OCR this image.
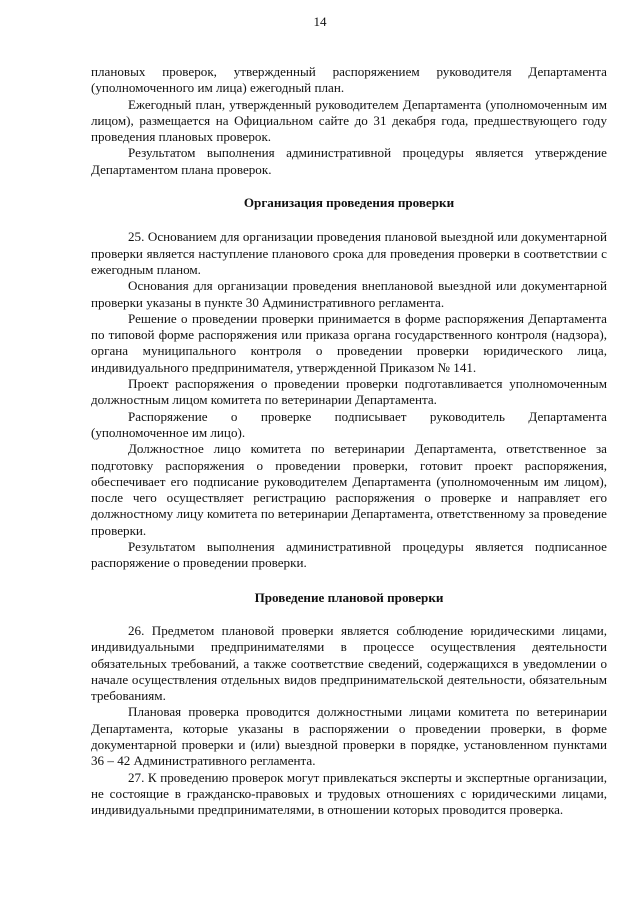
14

плановых проверок, утвержденный распоряжением руководителя Департамента (уполномоченного им лица) ежегодный план.

Ежегодный план, утвержденный руководителем Департамента (уполномоченным им лицом), размещается на Официальном сайте до 31 декабря года, предшествующего году проведения плановых проверок.

Результатом выполнения административной процедуры является утверждение Департаментом плана проверок.

Организация проведения проверки

25. Основанием для организации проведения плановой выездной или документарной проверки является наступление планового срока для проведения проверки в соответствии с ежегодным планом.

Основания для организации проведения внеплановой выездной или документарной проверки указаны в пункте 30 Административного регламента.

Решение о проведении проверки принимается в форме распоряжения Департамента по типовой форме распоряжения или приказа органа государственного контроля (надзора), органа муниципального контроля о проведении проверки юридического лица, индивидуального предпринимателя, утвержденной Приказом № 141.

Проект распоряжения о проведении проверки подготавливается уполномоченным должностным лицом комитета по ветеринарии Департамента.

Распоряжение о проверке подписывает руководитель Департамента (уполномоченное им лицо).

Должностное лицо комитета по ветеринарии Департамента, ответственное за подготовку распоряжения о проведении проверки, готовит проект распоряжения, обеспечивает его подписание руководителем Департамента (уполномоченным им лицом), после чего осуществляет регистрацию распоряжения о проверке и направляет его должностному лицу комитета по ветеринарии Департамента, ответственному за проведение проверки.

Результатом выполнения административной процедуры является подписанное распоряжение о проведении проверки.

Проведение плановой проверки

26. Предметом плановой проверки является соблюдение юридическими лицами, индивидуальными предпринимателями в процессе осуществления деятельности обязательных требований, а также соответствие сведений, содержащихся в уведомлении о начале осуществления отдельных видов предпринимательской деятельности, обязательным требованиям.

Плановая проверка проводится должностными лицами комитета по ветеринарии Департамента, которые указаны в распоряжении о проведении проверки, в форме документарной проверки и (или) выездной проверки в порядке, установленном пунктами 36 – 42 Административного регламента.

27. К проведению проверок могут привлекаться эксперты и экспертные организации, не состоящие в гражданско-правовых и трудовых отношениях с юридическими лицами, индивидуальными предпринимателями, в отношении которых проводится проверка.
